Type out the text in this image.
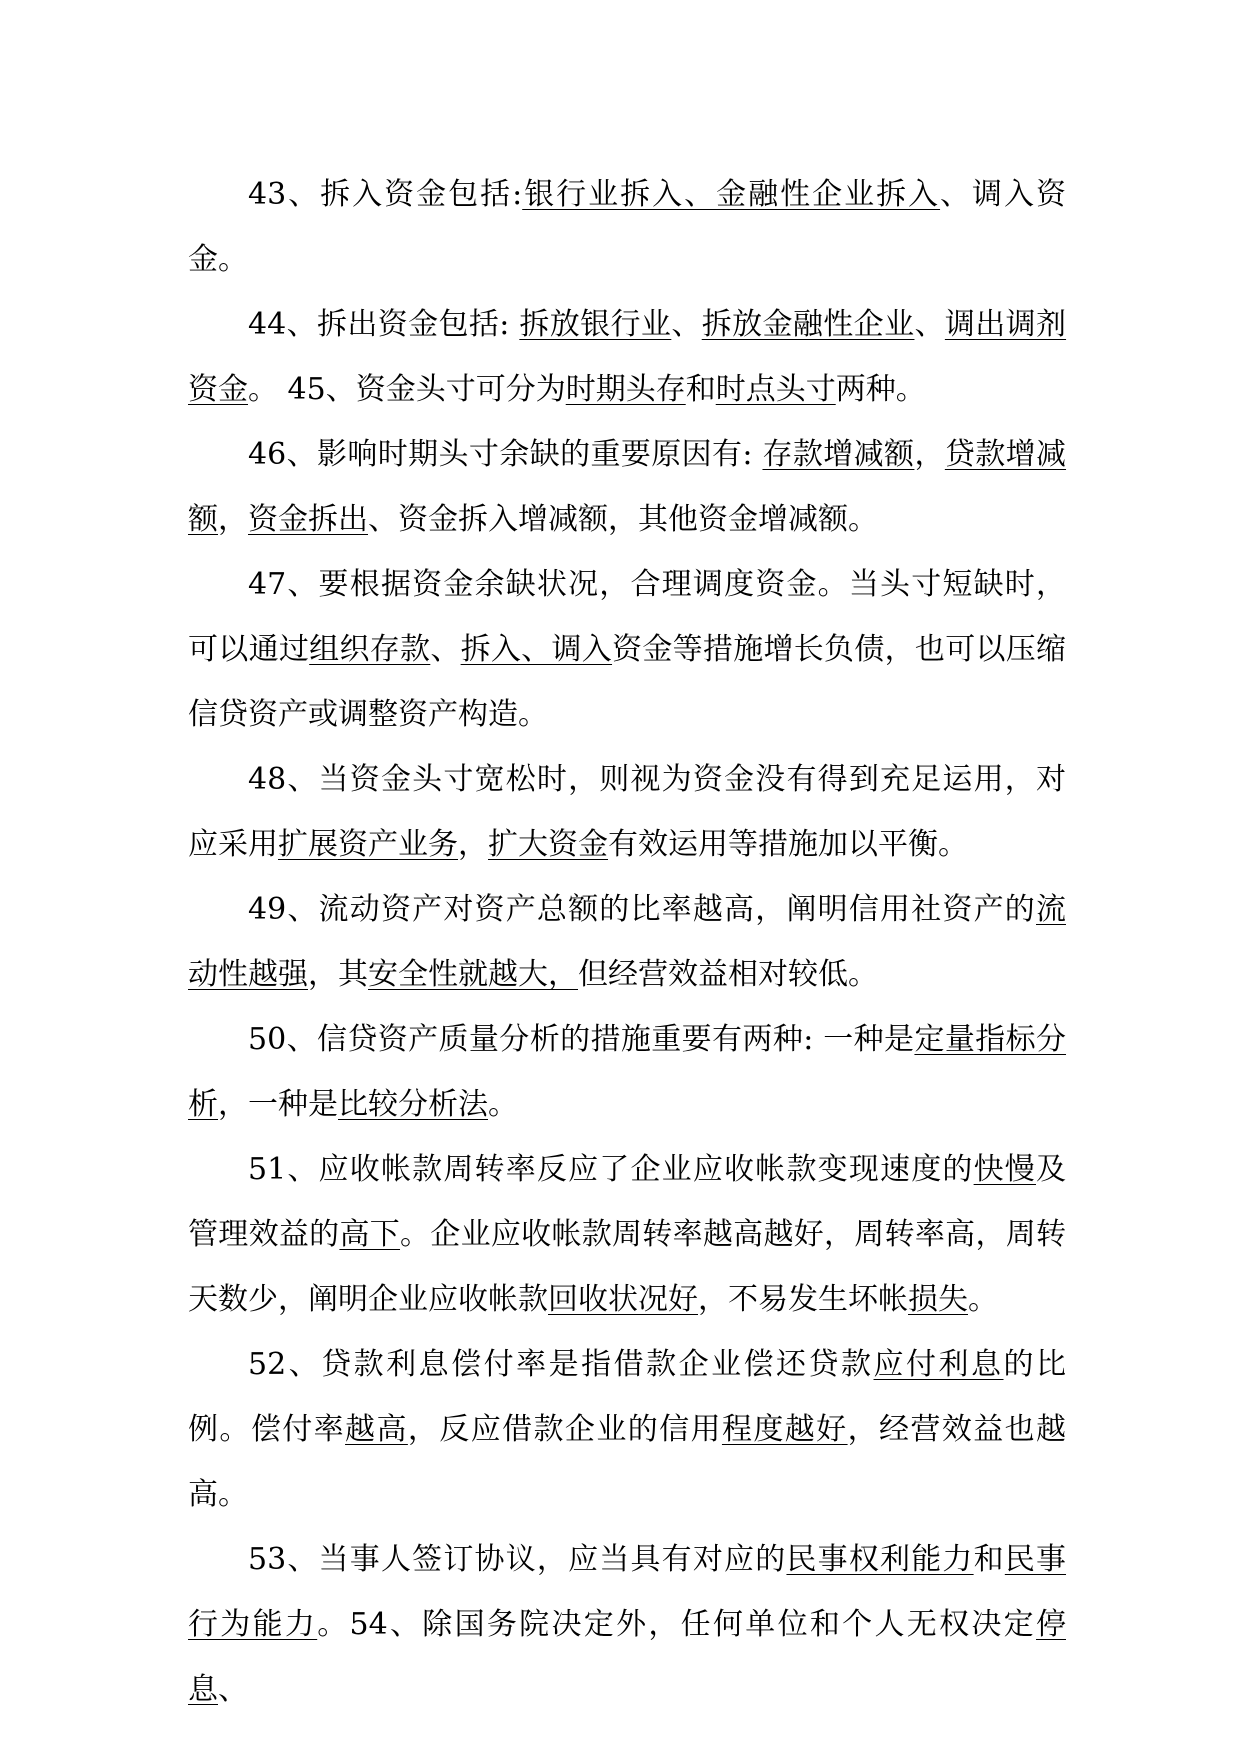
43、拆入资金包括:银行业拆入、金融性企业拆入、调入资金。

44、拆出资金包括: 拆放银行业、拆放金融性企业、调出调剂资金。 45、资金头寸可分为时期头存和时点头寸两种。

46、影响时期头寸余缺的重要原因有: 存款增减额，贷款增减额，资金拆出、资金拆入增减额，其他资金增减额。

47、要根据资金余缺状况，合理调度资金。当头寸短缺时，可以通过组织存款、拆入、调入资金等措施增长负债，也可以压缩信贷资产或调整资产构造。

48、当资金头寸宽松时，则视为资金没有得到充足运用，对应采用扩展资产业务，扩大资金有效运用等措施加以平衡。

49、流动资产对资产总额的比率越高，阐明信用社资产的流动性越强，其安全性就越大，但经营效益相对较低。

50、信贷资产质量分析的措施重要有两种: 一种是定量指标分析，一种是比较分析法。

51、应收帐款周转率反应了企业应收帐款变现速度的快慢及管理效益的高下。企业应收帐款周转率越高越好，周转率高，周转天数少，阐明企业应收帐款回收状况好，不易发生坏帐损失。

52、贷款利息偿付率是指借款企业偿还贷款应付利息的比例。偿付率越高，反应借款企业的信用程度越好，经营效益也越高。

53、当事人签订协议，应当具有对应的民事权利能力和民事行为能力。54、除国务院决定外，任何单位和个人无权决定停息、
